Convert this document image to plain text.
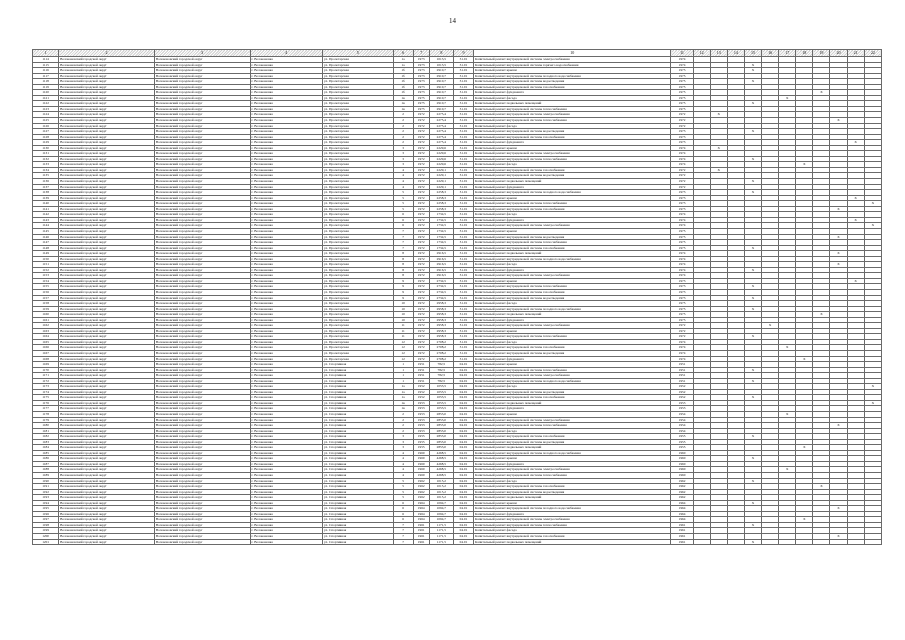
14
1	2	3	4	5	6	7	8	9	10	11	12	13	14	15	16	17	18	19	20	21	22
1114	Волоконовский городской округ	Волоконовский городской округ	г. Волоконовка	ул. Пролетарская	1а	1973	1013,5	31.01	Капитальный ремонт внутридомовой системы электроснабжения	1974											
1115	Волоконовский городской округ	Волоконовский городской округ	г. Волоконовка	ул. Пролетарская	1а	1973	1013,5	31.01	Капитальный ремонт внутридомовой системы горячего водоснабжения	1974				X							
1116	Волоконовский городской округ	Волоконовский городской округ	г. Волоконовка	ул. Пролетарская	1б	1973	2910,7	31.01	Капитальный ремонт крыши	1975				X							
1117	Волоконовский городской округ	Волоконовский городской округ	г. Волоконовка	ул. Пролетарская	1б	1973	2910,7	31.01	Капитальный ремонт внутридомовой системы холодного водоснабжения	1975											
1118	Волоконовский городской округ	Волоконовский городской округ	г. Волоконовка	ул. Пролетарская	1б	1973	2910,7	31.01	Капитальный ремонт внутридомовой системы водоотведения	1975				X							
1119	Волоконовский городской округ	Волоконовский городской округ	г. Волоконовка	ул. Пролетарская	1б	1973	2910,7	31.01	Капитальный ремонт внутридомовой системы газоснабжения	1975											
1120	Волоконовский городской округ	Волоконовский городской округ	г. Волоконовка	ул. Пролетарская	1б	1973	2910,7	31.01	Капитальный ремонт фундамента	1975								X			
1121	Волоконовский городской округ	Волоконовский городской округ	г. Волоконовка	ул. Пролетарская	1в	1975	2910,7	31.01	Капитальный ремонт фасада	1975						X					
1122	Волоконовский городской округ	Волоконовский городской округ	г. Волоконовка	ул. Пролетарская	1в	1975	2910,7	31.01	Капитальный ремонт подвальных помещений	1975				X							
1123	Волоконовский городской округ	Волоконовский городской округ	г. Волоконовка	ул. Пролетарская	1в	1975	2910,7	31.01	Капитальный ремонт внутридомовой системы теплоснабжения	1975											
1124	Волоконовский городской округ	Волоконовский городской округ	г. Волоконовка	ул. Пролетарская	2	1972	2275,4	31.01	Капитальный ремонт внутридомовой системы электроснабжения	1972		X									
1125	Волоконовский городской округ	Волоконовский городской округ	г. Волоконовка	ул. Пролетарская	2	1972	2275,4	31.01	Капитальный ремонт внутридомовой системы теплоснабжения	1972									X		
1126	Волоконовский городской округ	Волоконовский городской округ	г. Волоконовка	ул. Пролетарская	2	1972	2275,4	31.01	Капитальный ремонт фасада	1972											
1127	Волоконовский городской округ	Волоконовский городской округ	г. Волоконовка	ул. Пролетарская	2	1972	2275,4	31.01	Капитальный ремонт внутридомовой системы водоотведения	1973				X							
1128	Волоконовский городской округ	Волоконовский городской округ	г. Волоконовка	ул. Пролетарская	2	1972	2275,4	31.01	Капитальный ремонт внутридомовой системы газоснабжения	1973											
1129	Волоконовский городской округ	Волоконовский городской округ	г. Волоконовка	ул. Пролетарская	2	1972	2275,4	31.01	Капитальный ремонт фундамента	1973										X	
1130	Волоконовский городской округ	Волоконовский городской округ	г. Волоконовка	ул. Пролетарская	3	1972	2229,6	31.01	Капитальный ремонт крыши	1974		X									
1131	Волоконовский городской округ	Волоконовский городской округ	г. Волоконовка	ул. Пролетарская	3	1972	2229,6	31.01	Капитальный ремонт внутридомовой системы электроснабжения	1974											
1132	Волоконовский городской округ	Волоконовский городской округ	г. Волоконовка	ул. Пролетарская	3	1972	2229,6	31.01	Капитальный ремонт внутридомовой системы теплоснабжения	1974				X							
1133	Волоконовский городской округ	Волоконовский городской округ	г. Волоконовка	ул. Пролетарская	3	1972	2229,6	31.01	Капитальный ремонт фасада	1974							X				
1134	Волоконовский городской округ	Волоконовский городской округ	г. Волоконовка	ул. Пролетарская	4	1972	2229,1	31.01	Капитальный ремонт внутридомовой системы газоснабжения	1972		X									
1135	Волоконовский городской округ	Волоконовский городской округ	г. Волоконовка	ул. Пролетарская	4	1972	2229,1	31.01	Капитальный ремонт внутридомовой системы водоотведения	1972											
1136	Волоконовский городской округ	Волоконовский городской округ	г. Волоконовка	ул. Пролетарская	4	1972	2229,1	31.01	Капитальный ремонт подвальных помещений	1972				X							
1137	Волоконовский городской округ	Волоконовский городской округ	г. Волоконовка	ул. Пролетарская	4	1972	2229,1	31.01	Капитальный ремонт фундамента	1972											
1138	Волоконовский городской округ	Волоконовский городской округ	г. Волоконовка	ул. Пролетарская	5	1972	2258,3	31.01	Капитальный ремонт внутридомовой системы холодного водоснабжения	1973				X							
1139	Волоконовский городской округ	Волоконовский городской округ	г. Волоконовка	ул. Пролетарская	5	1972	2258,3	31.01	Капитальный ремонт крыши	1973										X	
1140	Волоконовский городской округ	Волоконовский городской округ	г. Волоконовка	ул. Пролетарская	5	1972	2258,3	31.01	Капитальный ремонт внутридомовой системы теплоснабжения	1973											X
1141	Волоконовский городской округ	Волоконовский городской округ	г. Волоконовка	ул. Пролетарская	5	1972	2258,3	31.01	Капитальный ремонт внутридомовой системы газоснабжения	1973									X		
1142	Волоконовский городской округ	Волоконовский городской округ	г. Волоконовка	ул. Пролетарская	6	1972	1734,5	31.01	Капитальный ремонт фасада	1974											
1143	Волоконовский городской округ	Волоконовский городской округ	г. Волоконовка	ул. Пролетарская	6	1972	1734,5	31.01	Капитальный ремонт фундамента	1974										X	
1144	Волоконовский городской округ	Волоконовский городской округ	г. Волоконовка	ул. Пролетарская	6	1972	1734,5	31.01	Капитальный ремонт внутридомовой системы электроснабжения	1974											X
1145	Волоконовский городской округ	Волоконовский городской округ	г. Волоконовка	ул. Пролетарская	7	1972	1734,5	31.01	Капитальный ремонт крыши	1975											
1146	Волоконовский городской округ	Волоконовский городской округ	г. Волоконовка	ул. Пролетарская	7	1972	1734,5	31.01	Капитальный ремонт внутридомовой системы водоотведения	1975									X		
1147	Волоконовский городской округ	Волоконовский городской округ	г. Волоконовка	ул. Пролетарская	7	1972	1734,5	31.01	Капитальный ремонт внутридомовой системы теплоснабжения	1975											
1148	Волоконовский городской округ	Волоконовский городской округ	г. Волоконовка	ул. Пролетарская	7	1972	1734,5	31.01	Капитальный ремонт внутридомовой системы газоснабжения	1975				X							
1149	Волоконовский городской округ	Волоконовский городской округ	г. Волоконовка	ул. Пролетарская	8	1972	2916,5	31.01	Капитальный ремонт подвальных помещений	1974									X		
1150	Волоконовский городской округ	Волоконовский городской округ	г. Волоконовка	ул. Пролетарская	8	1972	2916,5	31.01	Капитальный ремонт внутридомовой системы холодного водоснабжения	1974											
1151	Волоконовский городской округ	Волоконовский городской округ	г. Волоконовка	ул. Пролетарская	8	1972	2916,5	31.01	Капитальный ремонт фасада	1974									X		
1152	Волоконовский городской округ	Волоконовский городской округ	г. Волоконовка	ул. Пролетарская	8	1972	2916,5	31.01	Капитальный ремонт фундамента	1974				X							
1153	Волоконовский городской округ	Волоконовский городской округ	г. Волоконовка	ул. Пролетарская	8	1972	2916,5	31.01	Капитальный ремонт внутридомовой системы электроснабжения	1974											
1154	Волоконовский городской округ	Волоконовский городской округ	г. Волоконовка	ул. Пролетарская	9	1972	2734,5	31.01	Капитальный ремонт крыши	1973										X	
1155	Волоконовский городской округ	Волоконовский городской округ	г. Волоконовка	ул. Пролетарская	9	1972	2734,5	31.01	Капитальный ремонт внутридомовой системы теплоснабжения	1973				X							
1156	Волоконовский городской округ	Волоконовский городской округ	г. Волоконовка	ул. Пролетарская	9	1972	2734,5	31.01	Капитальный ремонт внутридомовой системы газоснабжения	1973											
1157	Волоконовский городской округ	Волоконовский городской округ	г. Волоконовка	ул. Пролетарская	9	1972	2734,5	31.01	Капитальный ремонт внутридомовой системы водоотведения	1973				X							
1158	Волоконовский городской округ	Волоконовский городской округ	г. Волоконовка	ул. Пролетарская	10	1972	2958,3	31.01	Капитальный ремонт фасада	1975											
1159	Волоконовский городской округ	Волоконовский городской округ	г. Волоконовка	ул. Пролетарская	10	1972	2958,3	31.01	Капитальный ремонт внутридомовой системы холодного водоснабжения	1975				X							
1160	Волоконовский городской округ	Волоконовский городской округ	г. Волоконовка	ул. Пролетарская	10	1972	2958,3	31.01	Капитальный ремонт подвальных помещений	1975								X			
1161	Волоконовский городской округ	Волоконовский городской округ	г. Волоконовка	ул. Пролетарская	10	1972	2958,3	31.01	Капитальный ремонт фундамента	1975											
1162	Волоконовский городской округ	Волоконовский городской округ	г. Волоконовка	ул. Пролетарская	11	1972	2958,3	31.01	Капитальный ремонт внутридомовой системы электроснабжения	1972					X						
1163	Волоконовский городской округ	Волоконовский городской округ	г. Волоконовка	ул. Пролетарская	11	1972	2958,3	31.01	Капитальный ремонт крыши	1972											
1164	Волоконовский городской округ	Волоконовский городской округ	г. Волоконовка	ул. Пролетарская	11	1972	2958,3	31.01	Капитальный ремонт внутридомовой системы теплоснабжения	1972				X							
1165	Волоконовский городской округ	Волоконовский городской округ	г. Волоконовка	ул. Пролетарская	12	1972	2708,2	31.01	Капитальный ремонт фасада	1974											
1166	Волоконовский городской округ	Волоконовский городской округ	г. Волоконовка	ул. Пролетарская	12	1972	2708,2	31.01	Капитальный ремонт внутридомовой системы газоснабжения	1974						X					
1167	Волоконовский городской округ	Волоконовский городской округ	г. Волоконовка	ул. Пролетарская	12	1972	2708,2	31.01	Капитальный ремонт внутридомовой системы водоотведения	1974											
1168	Волоконовский городской округ	Волоконовский городской округ	г. Волоконовка	ул. Пролетарская	12	1972	2708,2	31.01	Капитальный ремонт фундамента	1974							X				
1169	Волоконовский городской округ	Волоконовский городской округ	г. Волоконовка	ул. Спортивная	1	1951	782,5	04.01	Капитальный ремонт крыши	1951											
1170	Волоконовский городской округ	Волоконовский городской округ	г. Волоконовка	ул. Спортивная	1	1951	782,5	04.01	Капитальный ремонт внутридомовой системы теплоснабжения	1951				X							
1171	Волоконовский городской округ	Волоконовский городской округ	г. Волоконовка	ул. Спортивная	1	1951	782,5	04.01	Капитальный ремонт внутридомовой системы электроснабжения	1951											
1172	Волоконовский городской округ	Волоконовский городской округ	г. Волоконовка	ул. Спортивная	1	1951	782,5	04.01	Капитальный ремонт внутридомовой системы холодного водоснабжения	1951				X							
1173	Волоконовский городской округ	Волоконовский городской округ	г. Волоконовка	ул. Спортивная	1а	1952	1053,5	04.01	Капитальный ремонт фасада	1952											X
1174	Волоконовский городской округ	Волоконовский городской округ	г. Волоконовка	ул. Спортивная	1а	1952	1053,5	04.01	Капитальный ремонт внутридомовой системы водоотведения	1952											
1175	Волоконовский городской округ	Волоконовский городской округ	г. Волоконовка	ул. Спортивная	1а	1952	1053,5	04.01	Капитальный ремонт внутридомовой системы газоснабжения	1952				X							
1176	Волоконовский городской округ	Волоконовский городской округ	г. Волоконовка	ул. Спортивная	1в	1953	1053,5	04.01	Капитальный ремонт подвальных помещений	1953											X
1177	Волоконовский городской округ	Волоконовский городской округ	г. Волоконовка	ул. Спортивная	1в	1953	1053,5	04.01	Капитальный ремонт фундамента	1953											
1178	Волоконовский городской округ	Волоконовский городской округ	г. Волоконовка	ул. Спортивная	2	1953	2853,0	04.01	Капитальный ремонт крыши	1954						X					
1179	Волоконовский городской округ	Волоконовский городской округ	г. Волоконовка	ул. Спортивная	2	1953	2853,0	04.01	Капитальный ремонт внутридомовой системы электроснабжения	1954											
1180	Волоконовский городской округ	Волоконовский городской округ	г. Волоконовка	ул. Спортивная	2	1953	2853,0	04.01	Капитальный ремонт внутридомовой системы теплоснабжения	1954									X		
1181	Волоконовский городской округ	Волоконовский городской округ	г. Волоконовка	ул. Спортивная	2	1953	2853,0	04.01	Капитальный ремонт фасада	1954											
1182	Волоконовский городской округ	Волоконовский городской округ	г. Волоконовка	ул. Спортивная	3	1955	2853,0	04.01	Капитальный ремонт внутридомовой системы газоснабжения	1955				X							
1183	Волоконовский городской округ	Волоконовский городской округ	г. Волоконовка	ул. Спортивная	3	1955	2853,0	04.01	Капитальный ремонт внутридомовой системы водоотведения	1955											
1184	Волоконовский городской округ	Волоконовский городской округ	г. Волоконовка	ул. Спортивная	3	1955	2853,0	04.01	Капитальный ремонт подвальных помещений	1955							X				
1185	Волоконовский городской округ	Волоконовский городской округ	г. Волоконовка	ул. Спортивная	4	1960	4268,5	04.01	Капитальный ремонт внутридомовой системы холодного водоснабжения	1960											
1186	Волоконовский городской округ	Волоконовский городской округ	г. Волоконовка	ул. Спортивная	4	1960	4268,5	04.01	Капитальный ремонт крыши	1960				X							
1187	Волоконовский городской округ	Волоконовский городской округ	г. Волоконовка	ул. Спортивная	4	1960	4268,5	04.01	Капитальный ремонт фундамента	1960											
1188	Волоконовский городской округ	Волоконовский городской округ	г. Волоконовка	ул. Спортивная	4	1960	4268,5	04.01	Капитальный ремонт внутридомовой системы электроснабжения	1960						X					
1189	Волоконовский городской округ	Волоконовский городской округ	г. Волоконовка	ул. Спортивная	4	1960	4268,5	04.01	Капитальный ремонт внутридомовой системы теплоснабжения	1960											
1190	Волоконовский городской округ	Волоконовский городской округ	г. Волоконовка	ул. Спортивная	5	1962	1015,2	04.01	Капитальный ремонт фасада	1962				X							
1191	Волоконовский городской округ	Волоконовский городской округ	г. Волоконовка	ул. Спортивная	5	1962	1015,2	04.01	Капитальный ремонт внутридомовой системы газоснабжения	1962								X			
1192	Волоконовский городской округ	Волоконовский городской округ	г. Волоконовка	ул. Спортивная	5	1962	1015,2	04.01	Капитальный ремонт внутридомовой системы водоотведения	1962											
1193	Волоконовский городской округ	Волоконовский городской округ	г. Волоконовка	ул. Спортивная	5	1962	1015,2	04.01	Капитальный ремонт подвальных помещений	1962											
1194	Волоконовский городской округ	Волоконовский городской округ	г. Волоконовка	ул. Спортивная	6	1964	1094,7	04.01	Капитальный ремонт крыши	1964				X							
1195	Волоконовский городской округ	Волоконовский городской округ	г. Волоконовка	ул. Спортивная	6	1964	1094,7	04.01	Капитальный ремонт внутридомовой системы холодного водоснабжения	1964									X		
1196	Волоконовский городской округ	Волоконовский городской округ	г. Волоконовка	ул. Спортивная	6	1964	1094,7	04.01	Капитальный ремонт фундамента	1964											
1197	Волоконовский городской округ	Волоконовский городской округ	г. Волоконовка	ул. Спортивная	6	1964	1094,7	04.01	Капитальный ремонт внутридомовой системы электроснабжения	1964							X				
1198	Волоконовский городской округ	Волоконовский городской округ	г. Волоконовка	ул. Спортивная	7	1961	1171,5	04.01	Капитальный ремонт внутридомовой системы теплоснабжения	1961				X							
1199	Волоконовский городской округ	Волоконовский городской округ	г. Волоконовка	ул. Спортивная	7	1961	1171,5	04.01	Капитальный ремонт фасада	1961											
1200	Волоконовский городской округ	Волоконовский городской округ	г. Волоконовка	ул. Спортивная	7	1961	1171,5	04.01	Капитальный ремонт внутридомовой системы газоснабжения	1961									X		
1201	Волоконовский городской округ	Волоконовский городской округ	г. Волоконовка	ул. Спортивная	7	1961	1171,5	04.01	Капитальный ремонт подвальных помещений	1961				X							
